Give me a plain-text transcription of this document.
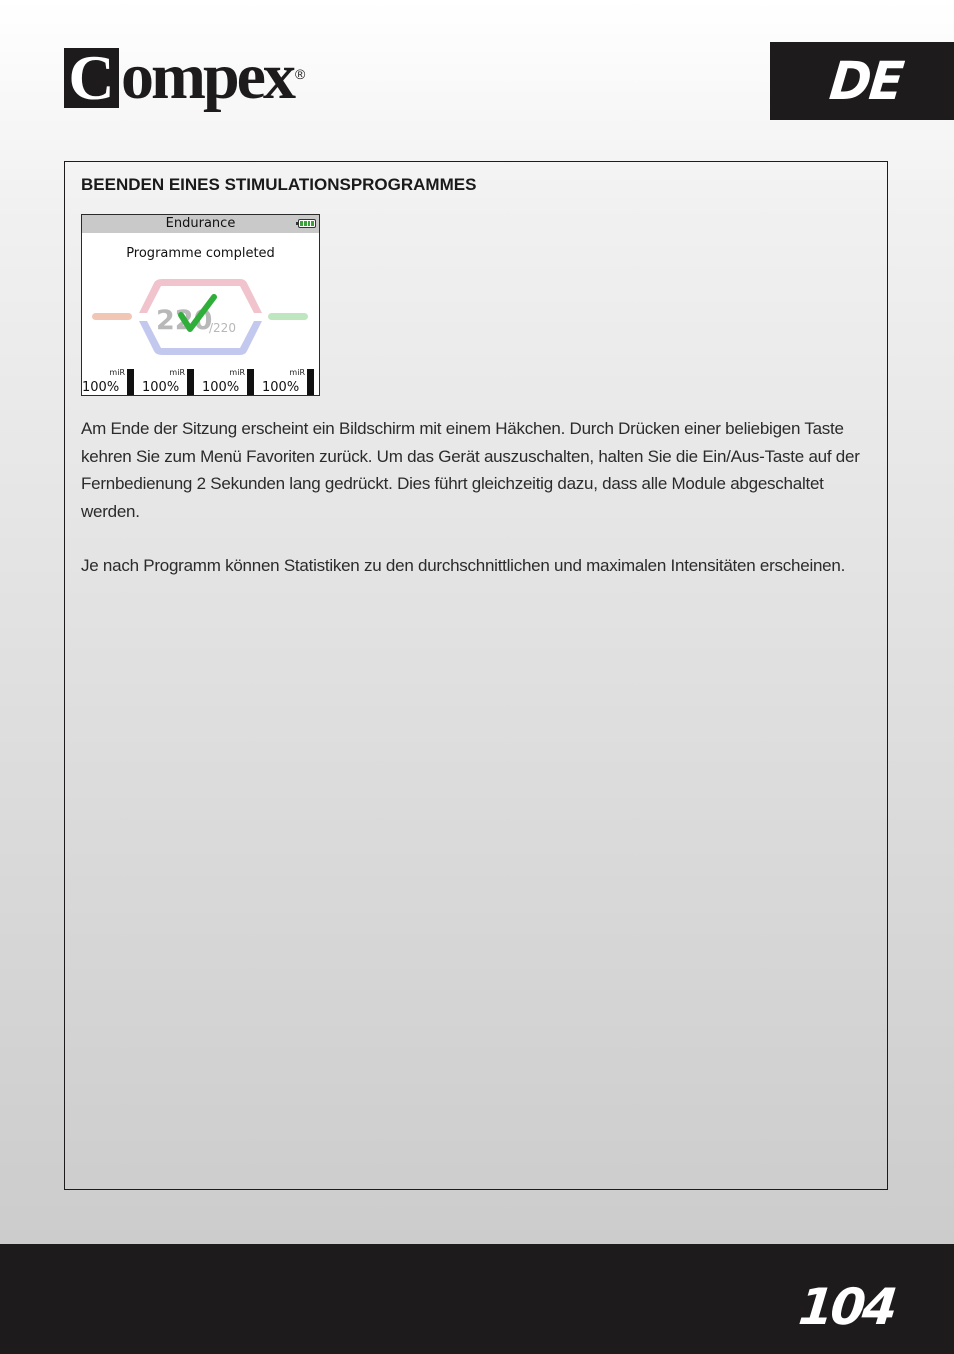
C ompex ®	DE
BEENDEN EINES STIMULATIONSPROGRAMMES
Endurance
Programme completed
220
/220
miR
100%
miR
100%
miR
100%
miR
100%

Am Ende der Sitzung erscheint ein Bildschirm mit einem Häkchen. Durch Drücken einer beliebigen Taste kehren Sie zum Menü Favoriten zurück. Um das Gerät auszuschalten, halten Sie die Ein/Aus-Taste auf der Fernbedienung 2 Sekunden lang gedrückt. Dies führt gleichzeitig dazu, dass alle Module abgeschaltet werden.

Je nach Programm können Statistiken zu den durchschnittlichen und maximalen Intensitäten erscheinen.

104
